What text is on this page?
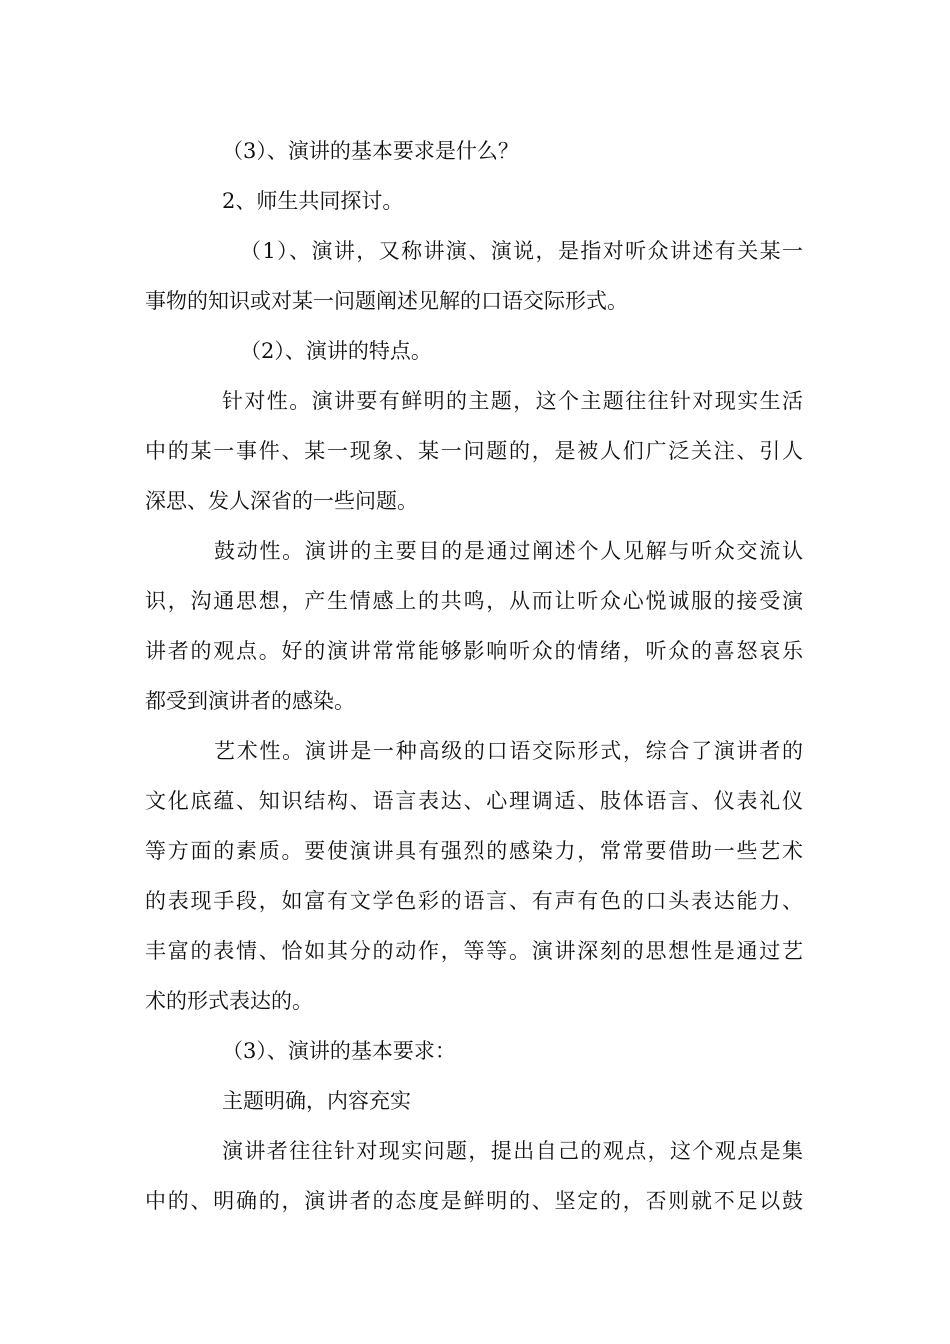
（3）、演讲的基本要求是什么？
2、师生共同探讨。
（1）、演讲，又称讲演、演说，是指对听众讲述有关某一
事物的知识或对某一问题阐述见解的口语交际形式。
（2）、演讲的特点。
针对性。演讲要有鲜明的主题，这个主题往往针对现实生活
中的某一事件、某一现象、某一问题的，是被人们广泛关注、引人
深思、发人深省的一些问题。
鼓动性。演讲的主要目的是通过阐述个人见解与听众交流认
识，沟通思想，产生情感上的共鸣，从而让听众心悦诚服的接受演
讲者的观点。好的演讲常常能够影响听众的情绪，听众的喜怒哀乐
都受到演讲者的感染。
艺术性。演讲是一种高级的口语交际形式，综合了演讲者的
文化底蕴、知识结构、语言表达、心理调适、肢体语言、仪表礼仪
等方面的素质。要使演讲具有强烈的感染力，常常要借助一些艺术
的表现手段，如富有文学色彩的语言、有声有色的口头表达能力、
丰富的表情、恰如其分的动作，等等。演讲深刻的思想性是通过艺
术的形式表达的。
（3）、演讲的基本要求：
主题明确，内容充实
演讲者往往针对现实问题，提出自己的观点，这个观点是集
中的、明确的，演讲者的态度是鲜明的、坚定的，否则就不足以鼓
